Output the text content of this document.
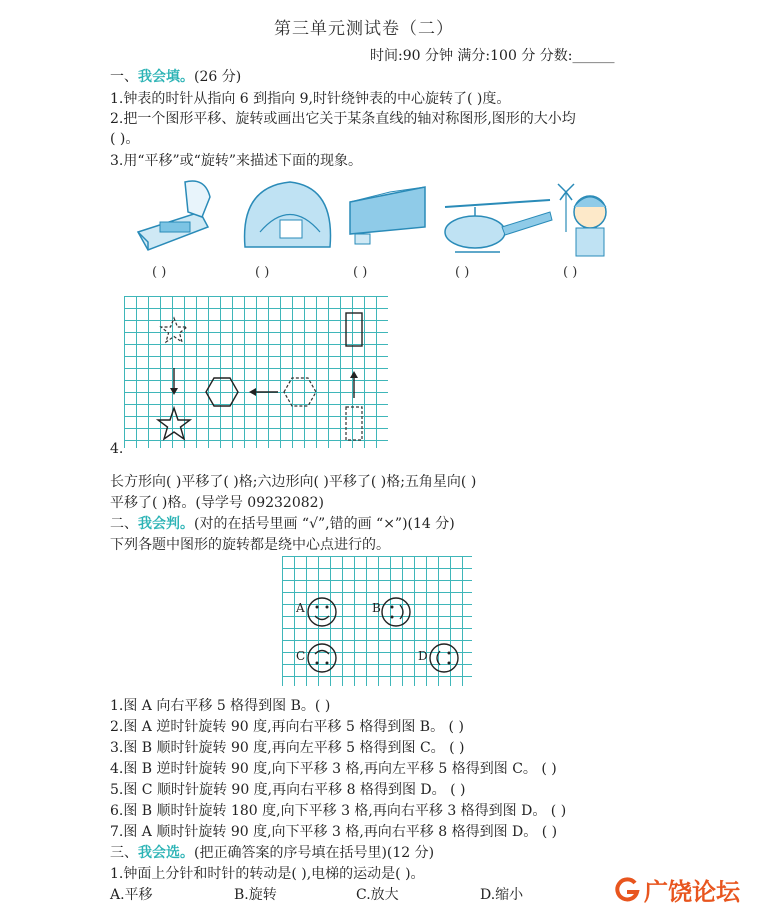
第三单元测试卷（二）
时间:90 分钟 满分:100 分 分数:______
一、我会填。(26 分)
1.钟表的时针从指向 6 到指向 9,时针绕钟表的中心旋转了( )度。
2.把一个图形平移、旋转或画出它关于某条直线的轴对称图形,图形的大小均
( )。
3.用“平移”或“旋转”来描述下面的现象。
( )	( )	( )	( )	( )
4.
长方形向( )平移了( )格;六边形向( )平移了( )格;五角星向( )
平移了( )格。(导学号 09232082)
二、我会判。(对的在括号里画 “√”,错的画 “×”)(14 分)
下列各题中图形的旋转都是绕中心点进行的。
A	B
C	D
1.图 A 向右平移 5 格得到图 B。( )
2.图 A 逆时针旋转 90 度,再向右平移 5 格得到图 B。 ( )
3.图 B 顺时针旋转 90 度,再向左平移 5 格得到图 C。 ( )
4.图 B 逆时针旋转 90 度,向下平移 3 格,再向左平移 5 格得到图 C。 ( )
5.图 C 顺时针旋转 90 度,再向右平移 8 格得到图 D。 ( )
6.图 B 顺时针旋转 180 度,向下平移 3 格,再向右平移 3 格得到图 D。 ( )
7.图 A 顺时针旋转 90 度,向下平移 3 格,再向右平移 8 格得到图 D。 ( )
三、我会选。(把正确答案的序号填在括号里)(12 分)
1.钟面上分针和时针的转动是( ),电梯的运动是( )。
A.平移	B.旋转	C.放大	D.缩小	广饶论坛
